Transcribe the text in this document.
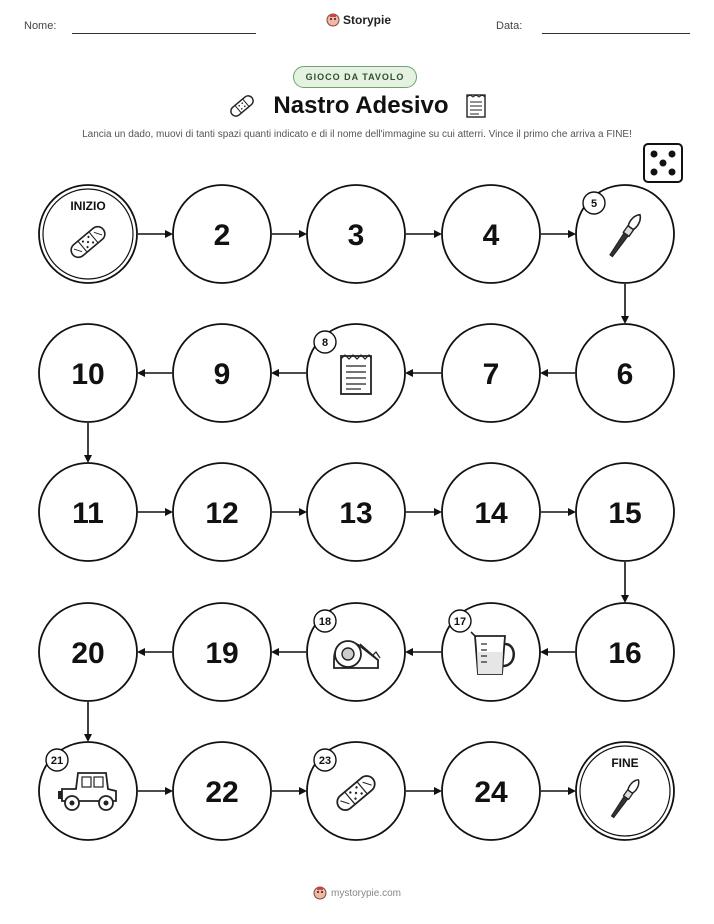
Nome:	Storypie	Data:
GIOCO DA TAVOLO
Nastro Adesivo
Lancia un dado, muovi di tanti spazi quanti indicato e di il nome dell'immagine su cui atterri. Vince il primo che arriva a FINE!
INIZIO
2	3	4
5
6
7
8
9
10
11	12	13	14	15
16
17
18
19
20
21
22
23
24
FINE
mystorypie.com
